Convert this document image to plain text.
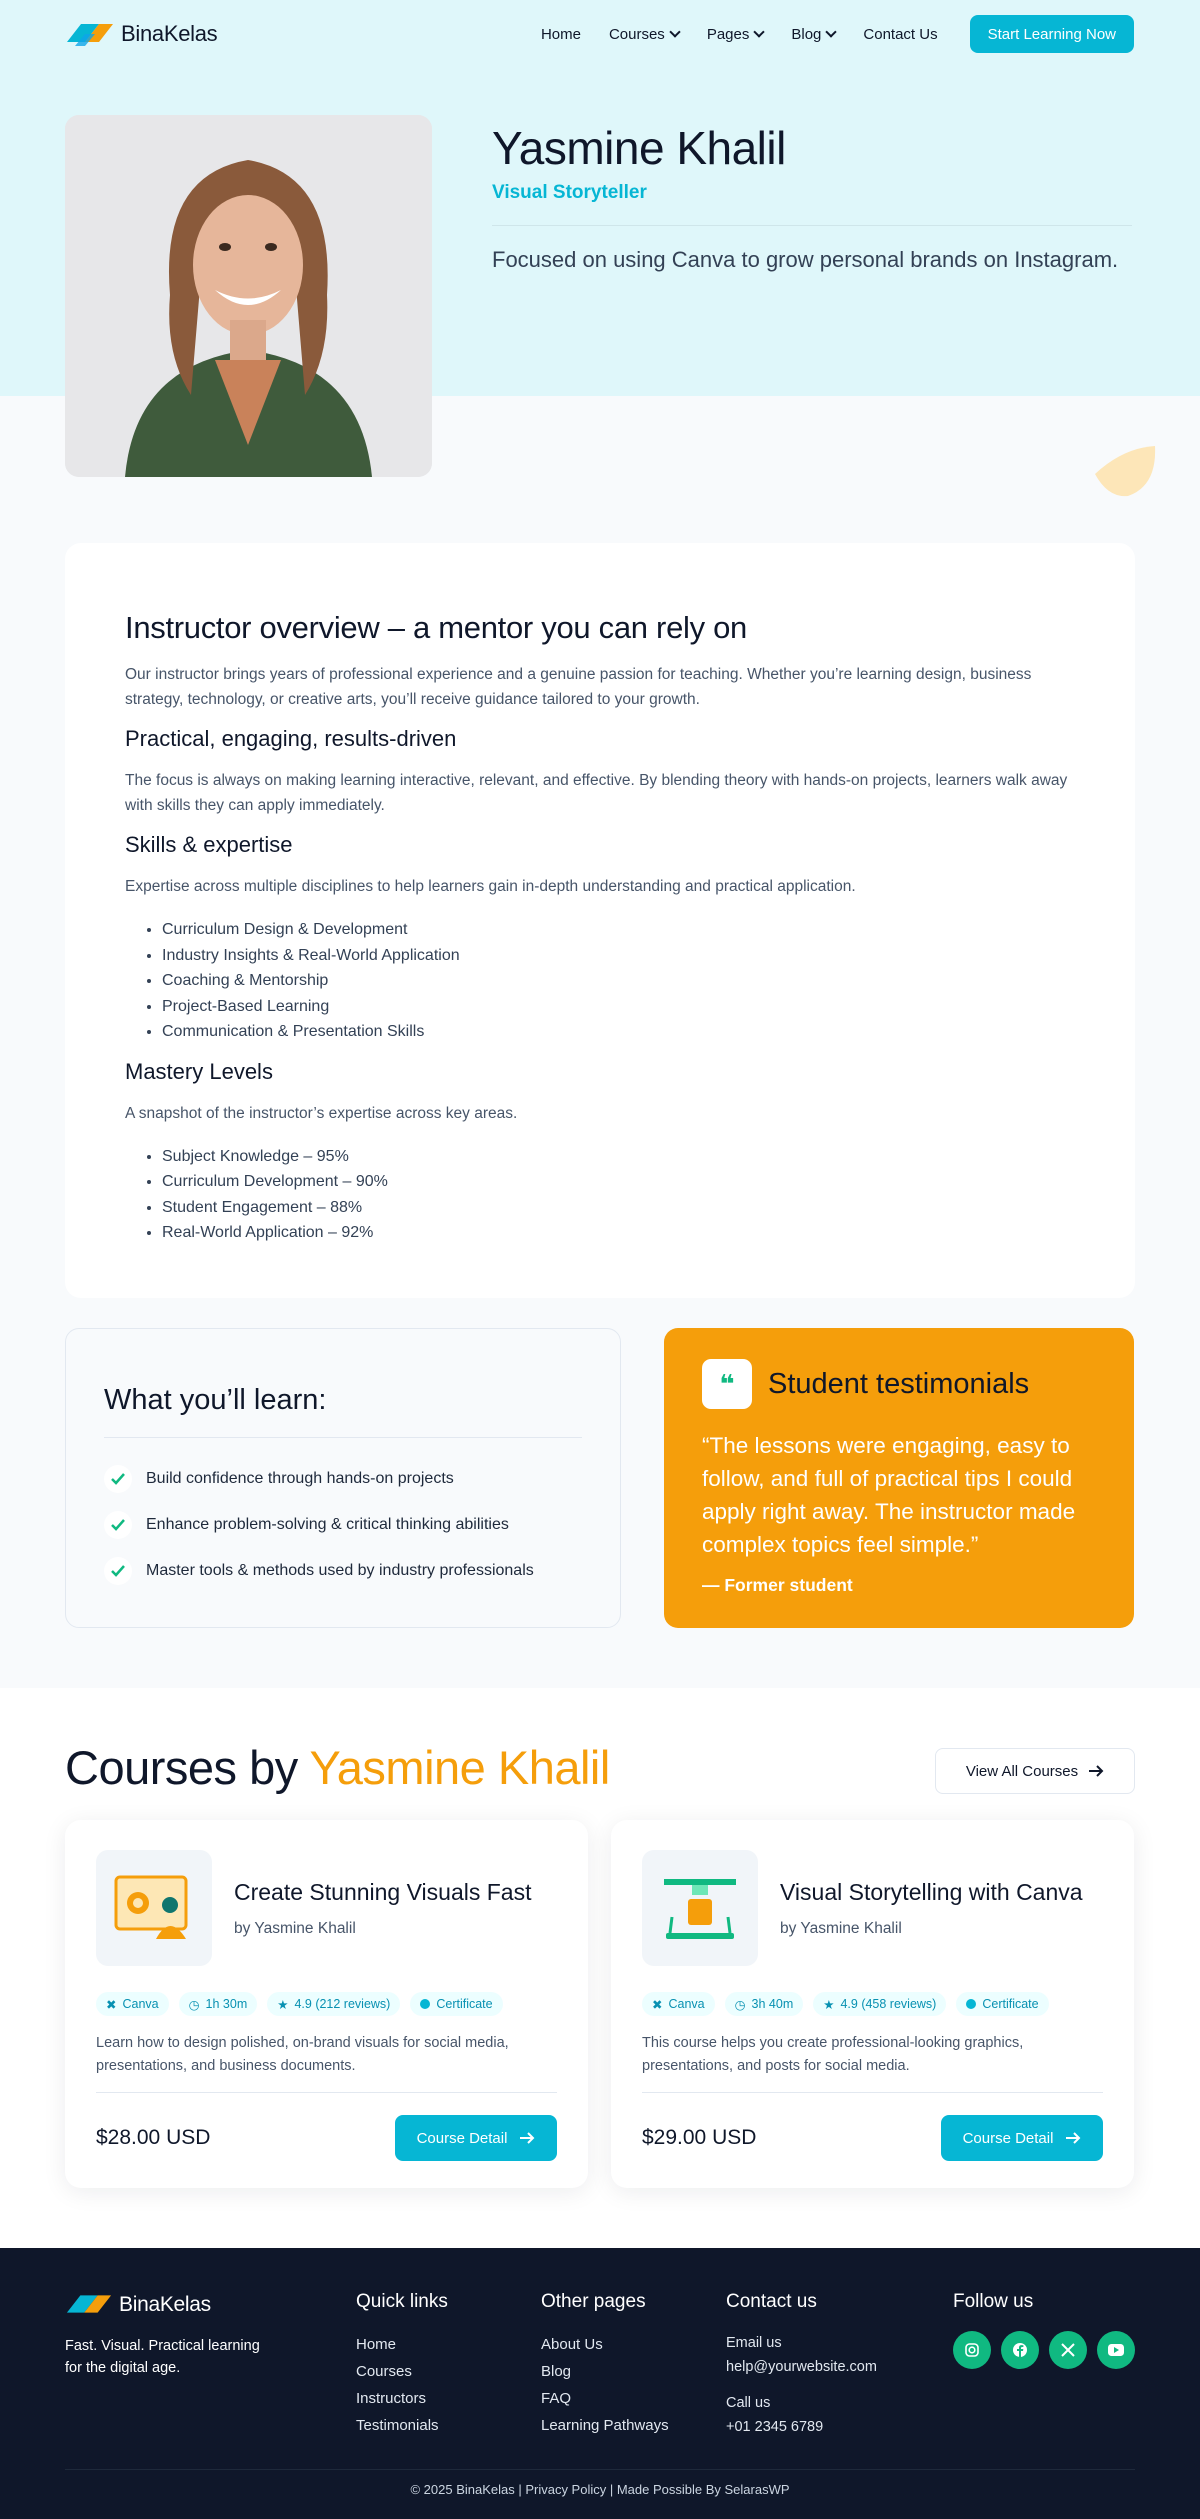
BinaKelas	Home Courses	Pages	Blog	Contact Us	Start Learning Now
Yasmine Khalil
Visual Storyteller
Focused on using Canva to grow personal brands on Instagram.
Instructor overview – a mentor you can rely on

Our instructor brings years of professional experience and a genuine passion for teaching. Whether you’re learning design, business strategy, technology, or creative arts, you’ll receive guidance tailored to your growth.

Practical, engaging, results-driven

The focus is always on making learning interactive, relevant, and effective. By blending theory with hands-on projects, learners walk away with skills they can apply immediately.

Skills & expertise

Expertise across multiple disciplines to help learners gain in-depth understanding and practical application.

• Curriculum Design & Development
• Industry Insights & Real-World Application
• Coaching & Mentorship
• Project-Based Learning
• Communication & Presentation Skills
Mastery Levels

A snapshot of the instructor’s expertise across key areas.

• Subject Knowledge – 95%
• Curriculum Development – 90%
• Student Engagement – 88%
• Real-World Application – 92%
What you’ll learn:
Build confidence through hands-on projects
Enhance problem-solving & critical thinking abilities
Master tools & methods used by industry professionals
❝	Student testimonials
“The lessons were engaging, easy to follow, and full of practical tips I could apply right away. The instructor made complex topics feel simple.”
— Former student
Courses by Yasmine Khalil	View All Courses
Create Stunning Visuals Fast
by Yasmine Khalil
✖ Canva ◷ 1h 30m ★ 4.9 (212 reviews)	Certificate
Learn how to design polished, on-brand visuals for social media, presentations, and business documents.
$28.00 USD	Course Detail
Visual Storytelling with Canva
by Yasmine Khalil
✖ Canva ◷ 3h 40m ★ 4.9 (458 reviews)	Certificate
This course helps you create professional-looking graphics, presentations, and posts for social media.
$29.00 USD	Course Detail
BinaKelas
Fast. Visual. Practical learning for the digital age.
Quick links
Home
Courses
Instructors
Testimonials
Other pages
About Us
Blog
FAQ
Learning Pathways
Contact us
Email us
help@yourwebsite.com
Call us
+01 2345 6789
Follow us
© 2025 BinaKelas | Privacy Policy | Made Possible By SelarasWP
